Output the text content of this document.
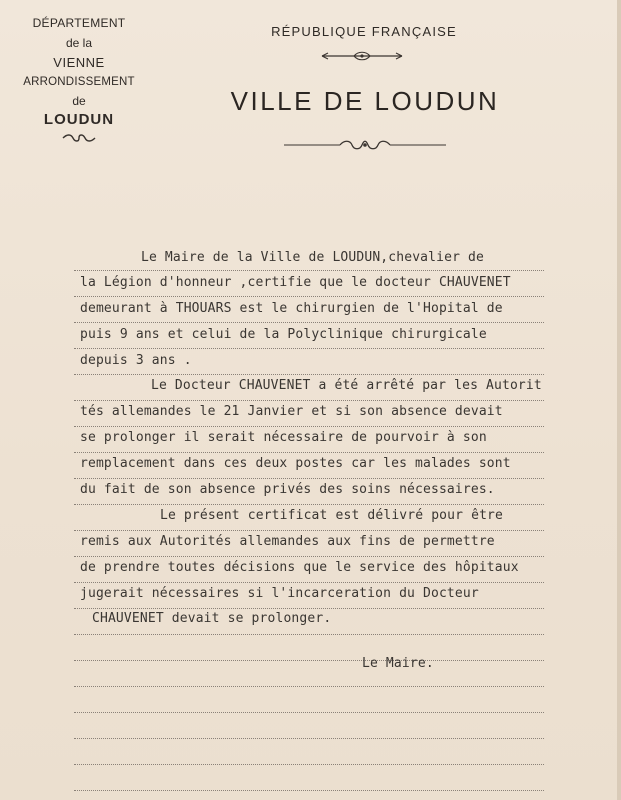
DÉPARTEMENT
de la
VIENNE
ARRONDISSEMENT
de
LOUDUN
RÉPUBLIQUE FRANÇAISE
VILLE DE LOUDUN
Le Maire de la Ville de LOUDUN,chevalier de
la Légion d'honneur ,certifie que le docteur CHAUVENET
demeurant à THOUARS est le chirurgien de l'Hopital de
puis 9 ans et celui de la Polyclinique chirurgicale
depuis 3 ans .
Le Docteur CHAUVENET a été arrêté par les Autorit
tés allemandes le 21 Janvier et si son absence devait
se prolonger il serait nécessaire de pourvoir à son
remplacement dans ces deux postes car les malades sont
du fait de son absence privés des soins nécessaires.
Le présent certificat est délivré pour être
remis aux Autorités allemandes aux fins de permettre
de prendre toutes décisions que le service des hôpitaux
jugerait nécessaires si l'incarceration du Docteur
CHAUVENET devait se prolonger.
Le Maire.
